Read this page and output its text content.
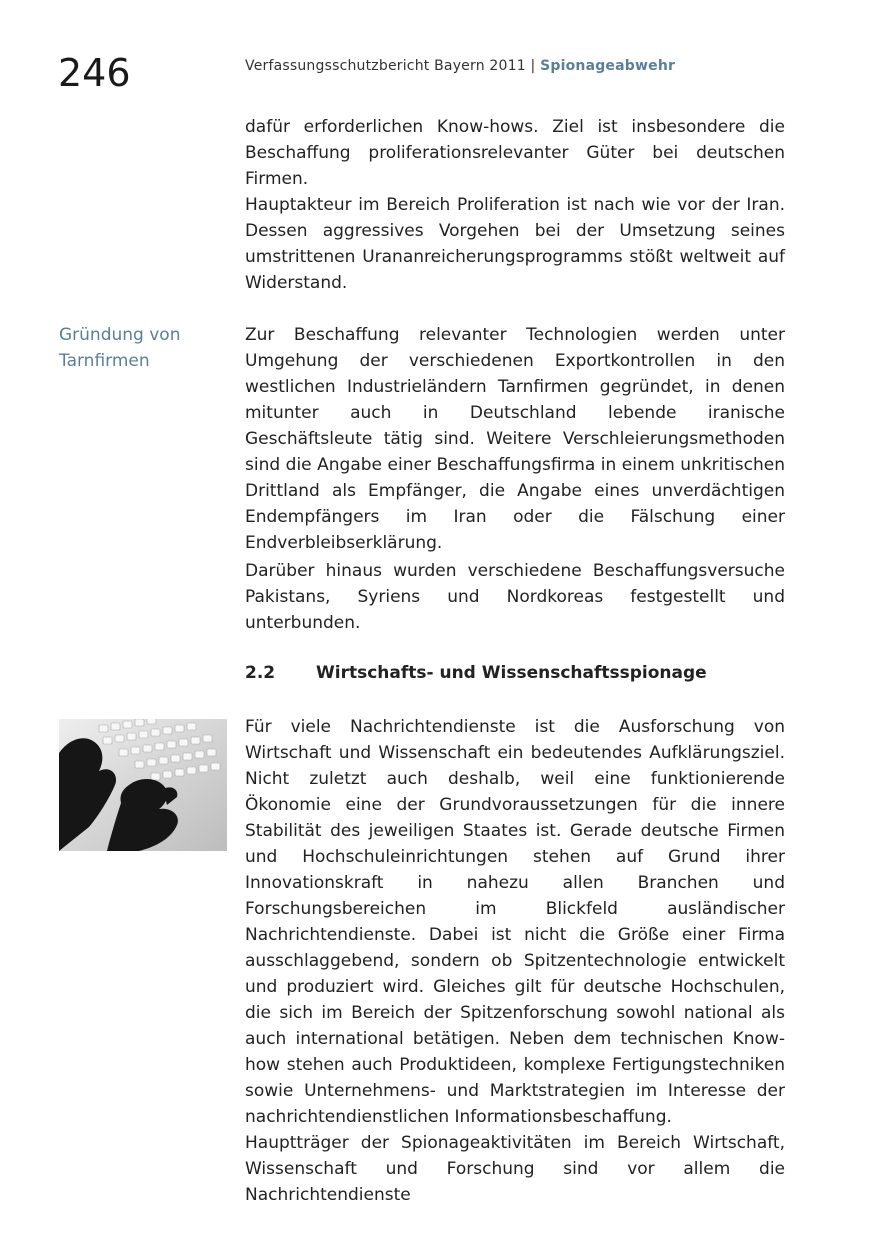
246	Verfassungsschutzbericht Bayern 2011 | Spionageabwehr

dafür erforderlichen Know-hows. Ziel ist insbesondere die Beschaffung proliferationsrelevanter Güter bei deutschen Firmen.

Hauptakteur im Bereich Proliferation ist nach wie vor der Iran. Dessen aggressives Vorgehen bei der Umsetzung seines umstrittenen Urananreicherungsprogramms stößt weltweit auf Widerstand.

Gründung von
Tarnfirmen

Zur Beschaffung relevanter Technologien werden unter Umgehung der verschiedenen Exportkontrollen in den westlichen Industrieländern Tarnfirmen gegründet, in denen mitunter auch in Deutschland lebende iranische Geschäftsleute tätig sind. Weitere Verschleierungsmethoden sind die Angabe einer Beschaffungsfirma in einem unkritischen Drittland als Empfänger, die Angabe eines unverdächtigen Endempfängers im Iran oder die Fälschung einer Endverbleibserklärung.

Darüber hinaus wurden verschiedene Beschaffungsversuche Pakistans, Syriens und Nordkoreas festgestellt und unterbunden.

2.2 Wirtschafts- und Wissenschaftsspionage

Für viele Nachrichtendienste ist die Ausforschung von Wirtschaft und Wissenschaft ein bedeutendes Aufklärungsziel. Nicht zuletzt auch deshalb, weil eine funktionierende Ökonomie eine der Grundvoraussetzungen für die innere Stabilität des jeweiligen Staates ist. Gerade deutsche Firmen und Hochschuleinrichtungen stehen auf Grund ihrer Innovationskraft in nahezu allen Branchen und Forschungsbereichen im Blickfeld ausländischer Nachrichtendienste. Dabei ist nicht die Größe einer Firma ausschlaggebend, sondern ob Spitzentechnologie entwickelt und produziert wird. Gleiches gilt für deutsche Hochschulen, die sich im Bereich der Spitzenforschung sowohl national als auch international betätigen. Neben dem technischen Know-how stehen auch Produktideen, komplexe Fertigungstechniken sowie Unternehmens- und Marktstrategien im Interesse der nachrichtendienstlichen Informationsbeschaffung.

Hauptträger der Spionageaktivitäten im Bereich Wirtschaft, Wissenschaft und Forschung sind vor allem die Nachrichtendienste
